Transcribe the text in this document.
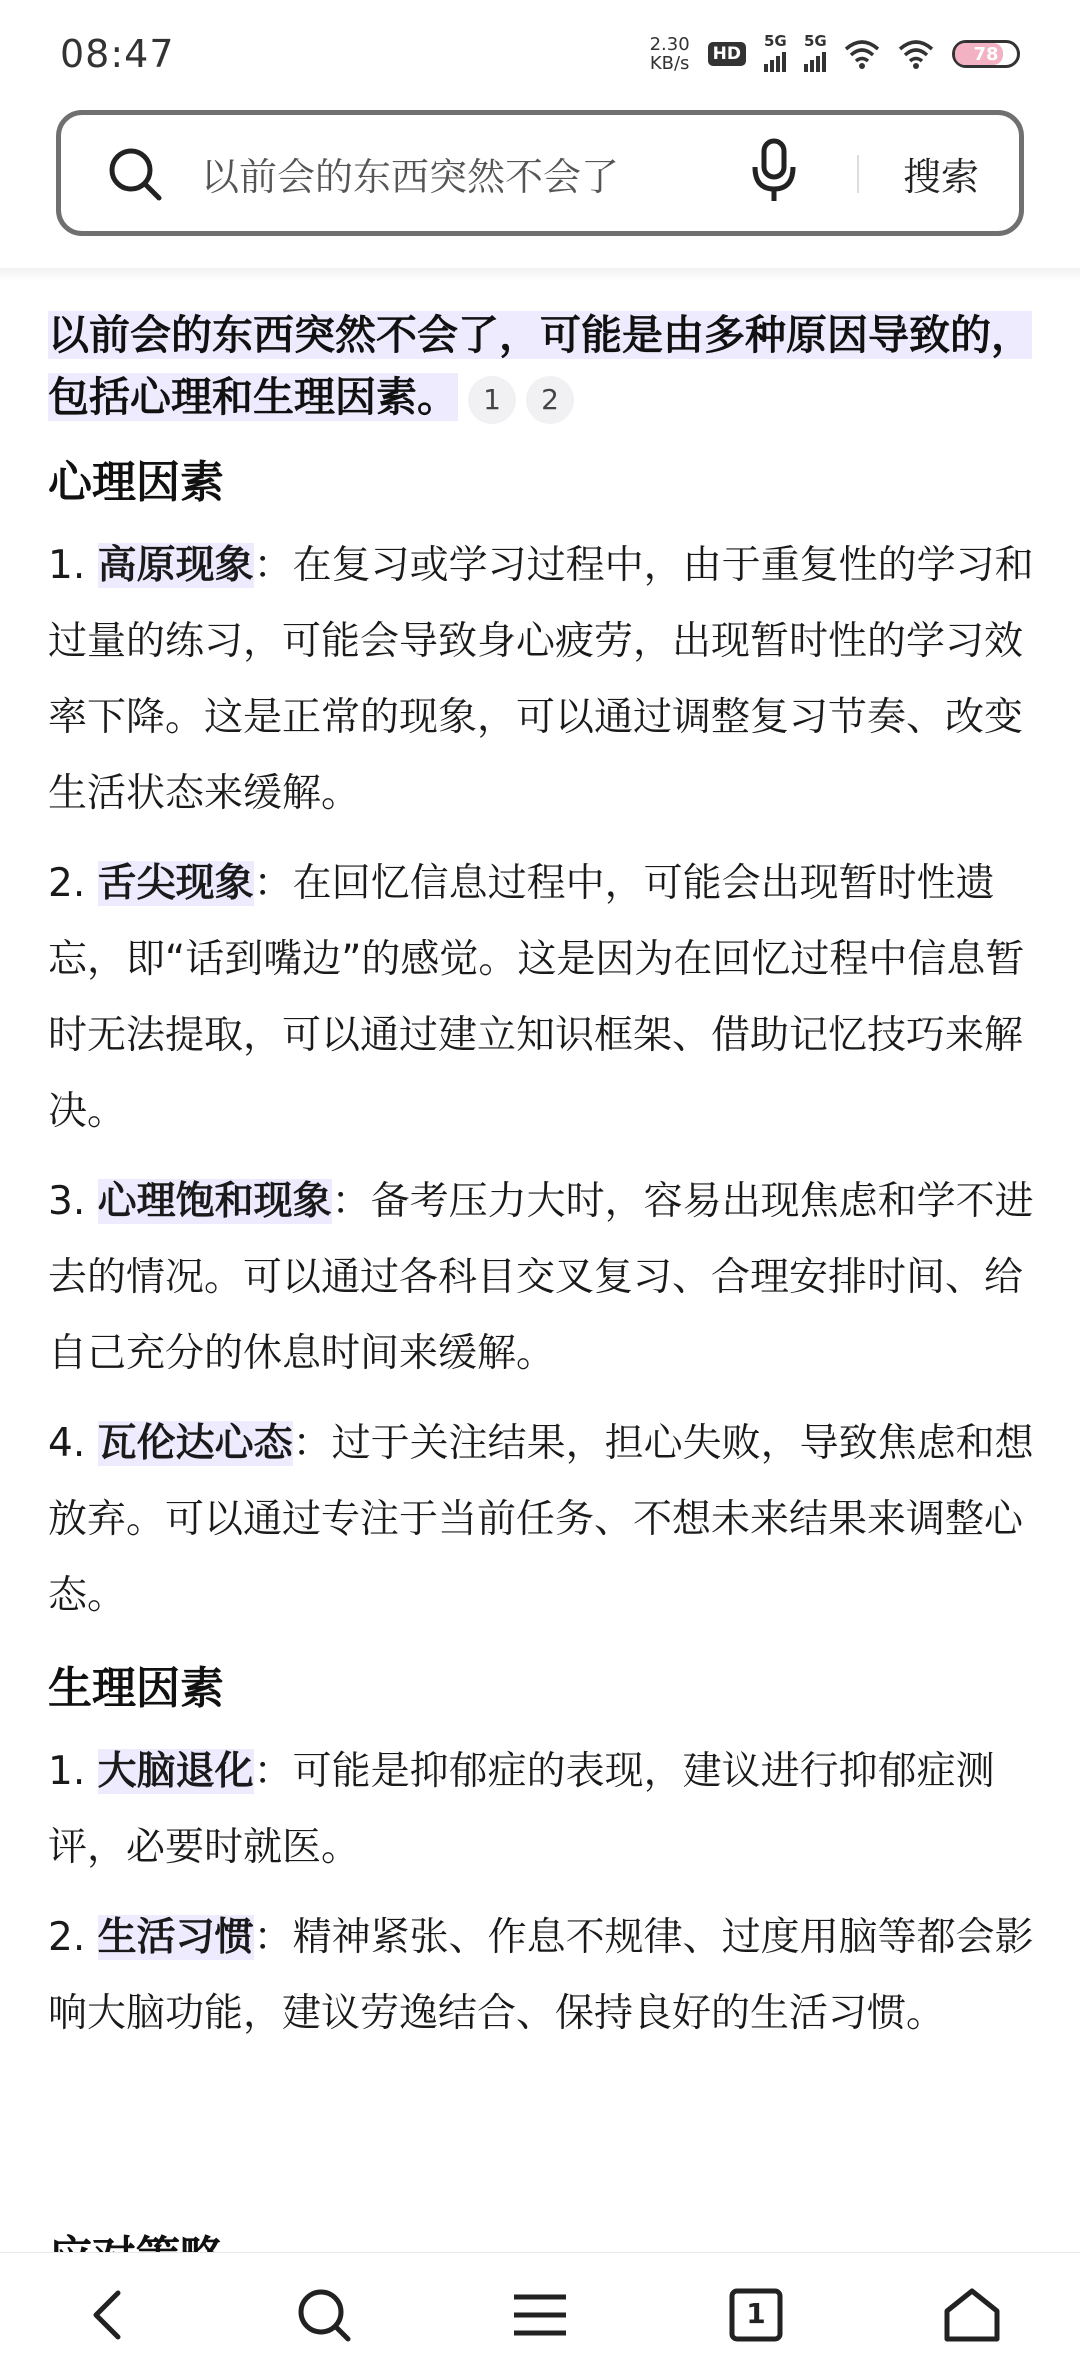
08:47	2.30
KB/s HD
5G 5G
78
以前会的东西突然不会了	搜索

以前会的东西突然不会了，可能是由多种原因导致的，包括心理和生理因素。 1 2

心理因素

1. 高原现象：在复习或学习过程中，由于重复性的学习和过量的练习，可能会导致身心疲劳，出现暂时性的学习效率下降。这是正常的现象，可以通过调整复习节奏、改变生活状态来缓解。

2. 舌尖现象：在回忆信息过程中，可能会出现暂时性遗忘，即“话到嘴边”的感觉。这是因为在回忆过程中信息暂时无法提取，可以通过建立知识框架、借助记忆技巧来解决。

3. 心理饱和现象：备考压力大时，容易出现焦虑和学不进去的情况。可以通过各科目交叉复习、合理安排时间、给自己充分的休息时间来缓解。

4. 瓦伦达心态：过于关注结果，担心失败，导致焦虑和想放弃。可以通过专注于当前任务、不想未来结果来调整心态。

生理因素

1. 大脑退化：可能是抑郁症的表现，建议进行抑郁症测评，必要时就医。

2. 生活习惯：精神紧张、作息不规律、过度用脑等都会影响大脑功能，建议劳逸结合、保持良好的生活习惯。

1
